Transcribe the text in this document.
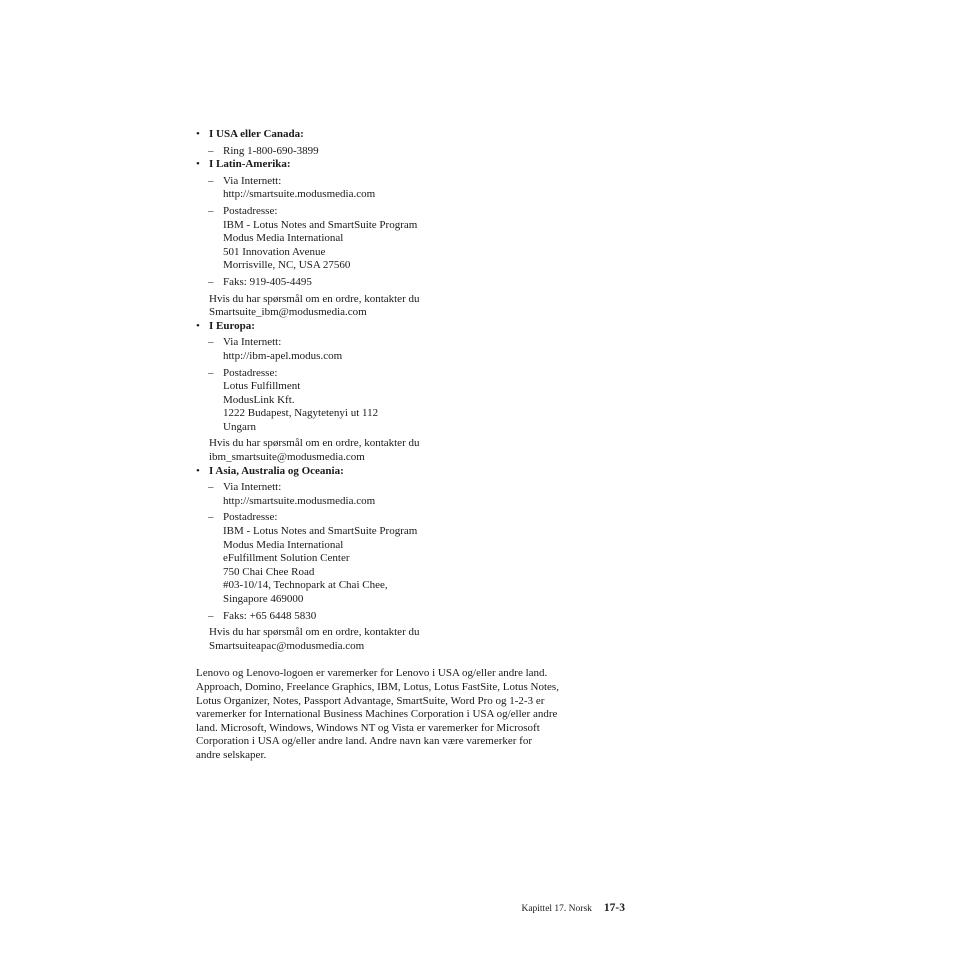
• I USA eller Canada:
– Ring 1-800-690-3899
• I Latin-Amerika:
– Via Internett:
http://smartsuite.modusmedia.com
– Postadresse:
IBM - Lotus Notes and SmartSuite Program
Modus Media International
501 Innovation Avenue
Morrisville, NC, USA 27560
– Faks: 919-405-4495
Hvis du har spørsmål om en ordre, kontakter du
Smartsuite_ibm@modusmedia.com
• I Europa:
– Via Internett:
http://ibm-apel.modus.com
– Postadresse:
Lotus Fulfillment
ModusLink Kft.
1222 Budapest, Nagytetenyi ut 112
Ungarn
Hvis du har spørsmål om en ordre, kontakter du
ibm_smartsuite@modusmedia.com
• I Asia, Australia og Oceania:
– Via Internett:
http://smartsuite.modusmedia.com
– Postadresse:
IBM - Lotus Notes and SmartSuite Program
Modus Media International
eFulfillment Solution Center
750 Chai Chee Road
#03-10/14, Technopark at Chai Chee,
Singapore 469000
– Faks: +65 6448 5830
Hvis du har spørsmål om en ordre, kontakter du
Smartsuiteapac@modusmedia.com
Lenovo og Lenovo-logoen er varemerker for Lenovo i USA og/eller andre land.
Approach, Domino, Freelance Graphics, IBM, Lotus, Lotus FastSite, Lotus Notes,
Lotus Organizer, Notes, Passport Advantage, SmartSuite, Word Pro og 1-2-3 er
varemerker for International Business Machines Corporation i USA og/eller andre
land. Microsoft, Windows, Windows NT og Vista er varemerker for Microsoft
Corporation i USA og/eller andre land. Andre navn kan være varemerker for
andre selskaper.
Kapittel 17. Norsk 17-3
